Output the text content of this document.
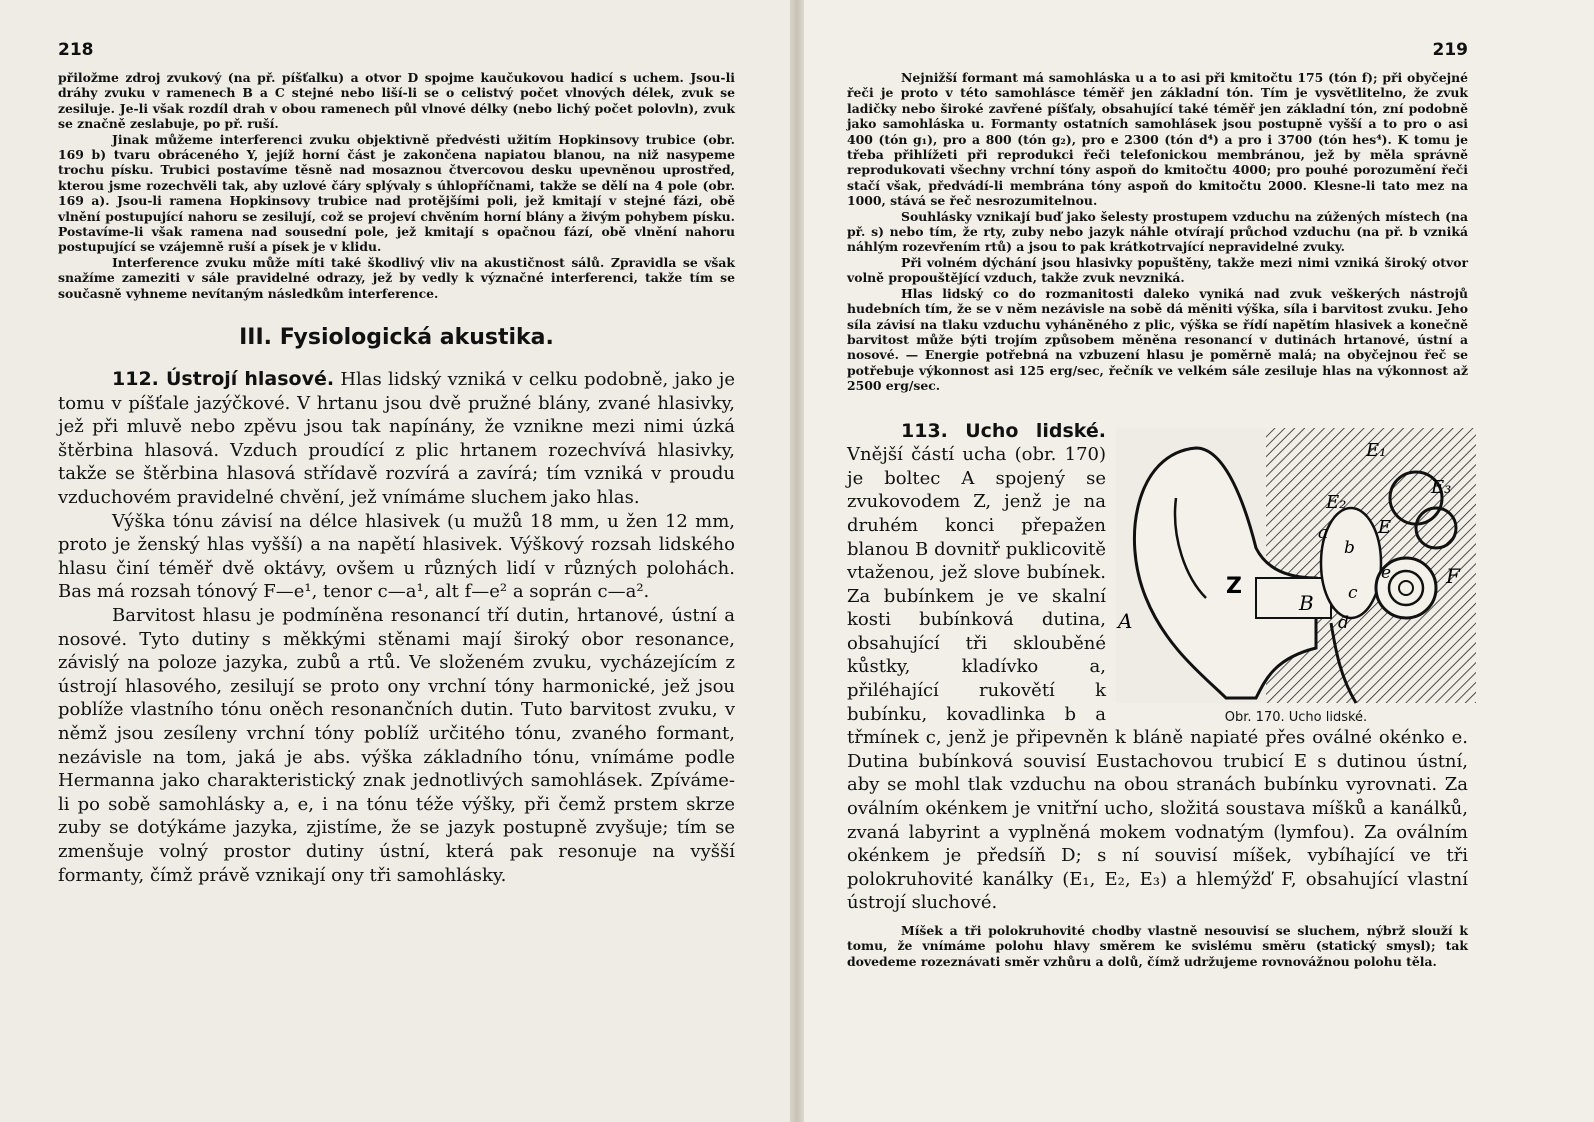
218

přiložme zdroj zvukový (na př. píšťalku) a otvor D spojme kaučukovou hadicí s uchem. Jsou-li dráhy zvuku v ramenech B a C stejné nebo liší-li se o celistvý počet vlnových délek, zvuk se zesiluje. Je-li však rozdíl drah v obou ramenech půl vlnové délky (nebo lichý počet polovln), zvuk se značně zeslabuje, po př. ruší.

Jinak můžeme interferenci zvuku objektivně předvésti užitím Hopkinsovy trubice (obr. 169 b) tvaru obráceného Y, jejíž horní část je zakončena napiatou blanou, na niž nasypeme trochu písku. Trubici postavíme těsně nad mosaznou čtvercovou desku upevněnou uprostřed, kterou jsme rozechvěli tak, aby uzlové čáry splývaly s úhlopříčnami, takže se dělí na 4 pole (obr. 169 a). Jsou-li ramena Hopkinsovy trubice nad protějšími poli, jež kmitají v stejné fázi, obě vlnění postupující nahoru se zesilují, což se projeví chvěním horní blány a živým pohybem písku. Postavíme-li však ramena nad sousední pole, jež kmitají s opačnou fází, obě vlnění nahoru postupující se vzájemně ruší a písek je v klidu.

Interference zvuku může míti také škodlivý vliv na akustičnost sálů. Zpravidla se však snažíme zameziti v sále pravidelné odrazy, jež by vedly k význačné interferenci, takže tím se současně vyhneme nevítaným následkům interference.

III. Fysiologická akustika.

112. Ústrojí hlasové. Hlas lidský vzniká v celku podobně, jako je tomu v píšťale jazýčkové. V hrtanu jsou dvě pružné blány, zvané hlasivky, jež při mluvě nebo zpěvu jsou tak napínány, že vznikne mezi nimi úzká štěrbina hlasová. Vzduch proudící z plic hrtanem rozechvívá hlasivky, takže se štěrbina hlasová střídavě rozvírá a zavírá; tím vzniká v proudu vzduchovém pravidelné chvění, jež vnímáme sluchem jako hlas.

Výška tónu závisí na délce hlasivek (u mužů 18 mm, u žen 12 mm, proto je ženský hlas vyšší) a na napětí hlasivek. Výškový rozsah lidského hlasu činí téměř dvě oktávy, ovšem u různých lidí v různých polohách. Bas má rozsah tónový F—e¹, tenor c—a¹, alt f—e² a soprán c—a².

Barvitost hlasu je podmíněna resonancí tří dutin, hrtanové, ústní a nosové. Tyto dutiny s měkkými stěnami mají široký obor resonance, závislý na poloze jazyka, zubů a rtů. Ve složeném zvuku, vycházejícím z ústrojí hlasového, zesilují se proto ony vrchní tóny harmonické, jež jsou poblíže vlastního tónu oněch resonančních dutin. Tuto barvitost zvuku, v němž jsou zesíleny vrchní tóny poblíž určitého tónu, zvaného formant, nezávisle na tom, jaká je abs. výška základního tónu, vnímáme podle Hermanna jako charakteristický znak jednotlivých samohlásek. Zpíváme-li po sobě samohlásky a, e, i na tónu téže výšky, při čemž prstem skrze zuby se dotýkáme jazyka, zjistíme, že se jazyk postupně zvyšuje; tím se zmenšuje volný prostor dutiny ústní, která pak resonuje na vyšší formanty, čímž právě vznikají ony tři samohlásky.

219

Nejnižší formant má samohláska u a to asi při kmitočtu 175 (tón f); při obyčejné řeči je proto v této samohlásce téměř jen základní tón. Tím je vysvětlitelno, že zvuk ladičky nebo široké zavřené píšťaly, obsahující také téměř jen základní tón, zní podobně jako samohláska u. Formanty ostatních samohlásek jsou postupně vyšší a to pro o asi 400 (tón g₁), pro a 800 (tón g₂), pro e 2300 (tón d⁴) a pro i 3700 (tón hes⁴). K tomu je třeba přihlížeti při reprodukci řeči telefonickou membránou, jež by měla správně reprodukovati všechny vrchní tóny aspoň do kmitočtu 4000; pro pouhé porozumění řeči stačí však, předvádí-li membrána tóny aspoň do kmitočtu 2000. Klesne-li tato mez na 1000, stává se řeč nesrozumitelnou.

Souhlásky vznikají buď jako šelesty prostupem vzduchu na zúžených místech (na př. s) nebo tím, že rty, zuby nebo jazyk náhle otvírají průchod vzduchu (na př. b vzniká náhlým rozevřením rtů) a jsou to pak krátkotrvající nepravidelné zvuky.

Při volném dýchání jsou hlasivky popuštěny, takže mezi nimi vzniká široký otvor volně propouštějící vzduch, takže zvuk nevzniká.

Hlas lidský co do rozmanitosti daleko vyniká nad zvuk veškerých nástrojů hudebních tím, že se v něm nezávisle na sobě dá měniti výška, síla i barvitost zvuku. Jeho síla závisí na tlaku vzduchu vyháněného z plic, výška se řídí napětím hlasivek a konečně barvitost může býti trojím způsobem měněna resonancí v dutinách hrtanové, ústní a nosové. — Energie potřebná na vzbuzení hlasu je poměrně malá; na obyčejnou řeč se potřebuje výkonnost asi 125 erg/sec, řečník ve velkém sále zesiluje hlas na výkonnost až 2500 erg/sec.

E₁
E₂
E₃
a
b
c
d
e
E
F
Z
B
A
Obr. 170. Ucho lidské.

113. Ucho lidské. Vnější částí ucha (obr. 170) je boltec A spojený se zvukovodem Z, jenž je na druhém konci přepažen blanou B dovnitř puklicovitě vtaženou, jež slove bubínek. Za bubínkem je ve skalní kosti bubínková dutina, obsahující tři sklouběné kůstky, kladívko a, přiléhající rukovětí k bubínku, kovadlinka b a třmínek c, jenž je připevněn k bláně napiaté přes oválné okénko e. Dutina bubínková souvisí Eustachovou trubicí E s dutinou ústní, aby se mohl tlak vzduchu na obou stranách bubínku vyrovnati. Za oválním okénkem je vnitřní ucho, složitá soustava míšků a kanálků, zvaná labyrint a vyplněná mokem vodnatým (lymfou). Za oválním okénkem je předsíň D; s ní souvisí míšek, vybíhající ve tři polokruhovité kanálky (E₁, E₂, E₃) a hlemýžď F, obsahující vlastní ústrojí sluchové.

Míšek a tři polokruhovité chodby vlastně nesouvisí se sluchem, nýbrž slouží k tomu, že vnímáme polohu hlavy směrem ke svislému směru (statický smysl); tak dovedeme rozeznávati směr vzhůru a dolů, čímž udržujeme rovnovážnou polohu těla.
